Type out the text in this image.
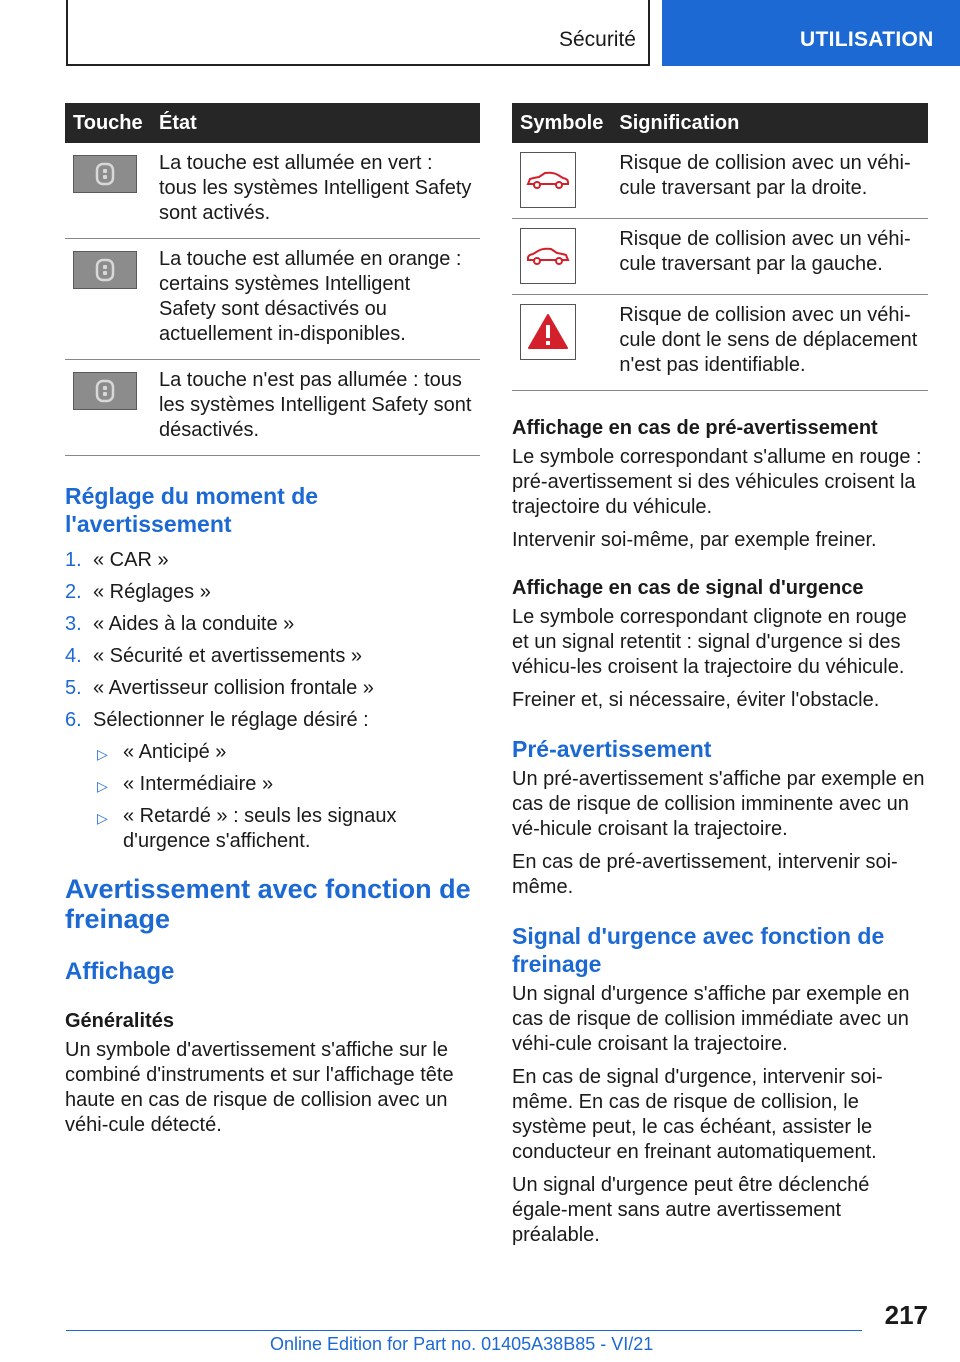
Sécurité	UTILISATION
Touche	État

	La touche est allumée en vert : tous les systèmes Intelligent Safety sont activés.

	La touche est allumée en orange : certains systèmes Intelligent Safety sont désactivés ou actuellement in‐disponibles.

	La touche n'est pas allumée : tous les systèmes Intelligent Safety sont désactivés.
Réglage du moment de l'avertissement
1. « CAR »
2. « Réglages »
3. « Aides à la conduite »
4. « Sécurité et avertissements »
5. « Avertisseur collision frontale »
6. Sélectionner le réglage désiré :
▷ « Anticipé »
▷ « Intermédiaire »
▷ « Retardé » : seuls les signaux d'urgence s'affichent.
Avertissement avec fonction de freinage
Affichage
Généralités

Un symbole d'avertissement s'affiche sur le combiné d'instruments et sur l'affichage tête haute en cas de risque de collision avec un véhi‐cule détecté.

Symbole	Signification

	Risque de collision avec un véhi‐cule traversant par la droite.

	Risque de collision avec un véhi‐cule traversant par la gauche.

	Risque de collision avec un véhi‐cule dont le sens de déplacement n'est pas identifiable.
Affichage en cas de pré-avertissement

Le symbole correspondant s'allume en rouge : pré-avertissement si des véhicules croisent la trajectoire du véhicule.

Intervenir soi-même, par exemple freiner.

Affichage en cas de signal d'urgence

Le symbole correspondant clignote en rouge et un signal retentit : signal d'urgence si des véhicu‐les croisent la trajectoire du véhicule.

Freiner et, si nécessaire, éviter l'obstacle.

Pré-avertissement

Un pré-avertissement s'affiche par exemple en cas de risque de collision imminente avec un vé‐hicule croisant la trajectoire.

En cas de pré-avertissement, intervenir soi-même.

Signal d'urgence avec fonction de freinage

Un signal d'urgence s'affiche par exemple en cas de risque de collision immédiate avec un véhi‐cule croisant la trajectoire.

En cas de signal d'urgence, intervenir soi-même. En cas de risque de collision, le système peut, le cas échéant, assister le conducteur en freinant automatiquement.

Un signal d'urgence peut être déclenché égale‐ment sans autre avertissement préalable.

217
Online Edition for Part no. 01405A38B85 - VI/21
